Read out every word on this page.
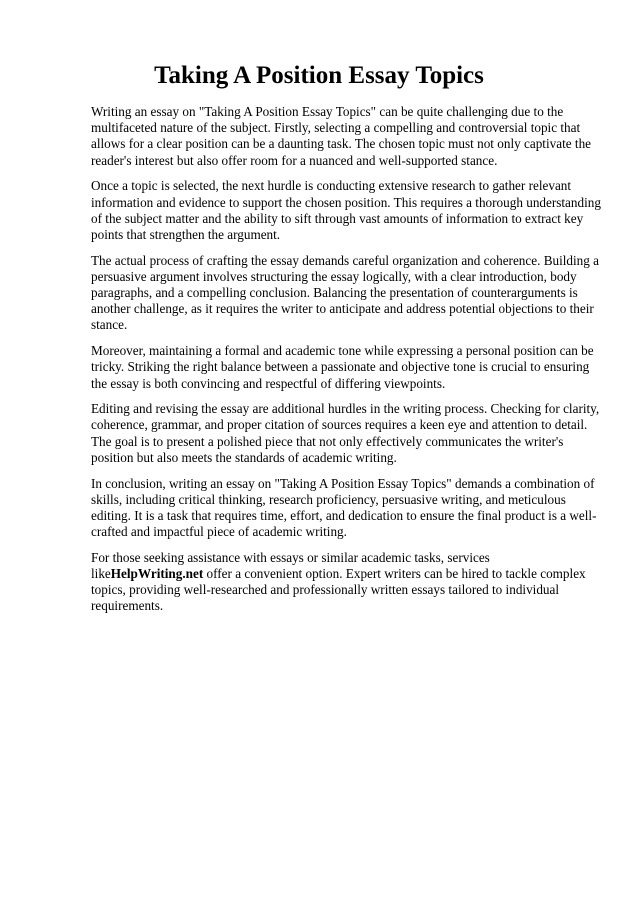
Taking A Position Essay Topics

Writing an essay on "Taking A Position Essay Topics" can be quite challenging due to the multifaceted nature of the subject. Firstly, selecting a compelling and controversial topic that allows for a clear position can be a daunting task. The chosen topic must not only captivate the reader's interest but also offer room for a nuanced and well-supported stance.

Once a topic is selected, the next hurdle is conducting extensive research to gather relevant information and evidence to support the chosen position. This requires a thorough understanding of the subject matter and the ability to sift through vast amounts of information to extract key points that strengthen the argument.

The actual process of crafting the essay demands careful organization and coherence. Building a persuasive argument involves structuring the essay logically, with a clear introduction, body paragraphs, and a compelling conclusion. Balancing the presentation of counterarguments is another challenge, as it requires the writer to anticipate and address potential objections to their stance.

Moreover, maintaining a formal and academic tone while expressing a personal position can be tricky. Striking the right balance between a passionate and objective tone is crucial to ensuring the essay is both convincing and respectful of differing viewpoints.

Editing and revising the essay are additional hurdles in the writing process. Checking for clarity, coherence, grammar, and proper citation of sources requires a keen eye and attention to detail. The goal is to present a polished piece that not only effectively communicates the writer's position but also meets the standards of academic writing.

In conclusion, writing an essay on "Taking A Position Essay Topics" demands a combination of skills, including critical thinking, research proficiency, persuasive writing, and meticulous editing. It is a task that requires time, effort, and dedication to ensure the final product is a well-crafted and impactful piece of academic writing.

For those seeking assistance with essays or similar academic tasks, services likeHelpWriting.net offer a convenient option. Expert writers can be hired to tackle complex topics, providing well-researched and professionally written essays tailored to individual requirements.
